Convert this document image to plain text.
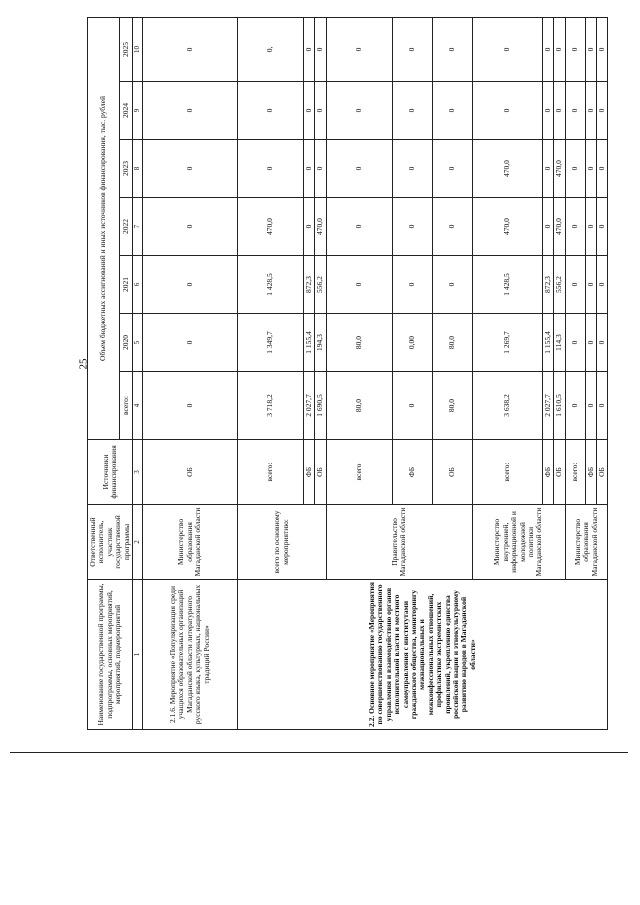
25
Наименование государственной программы, подпрограммы, основных мероприятий, мероприятий, подмероприятий	Ответственный исполнитель, участник государственной программы	Источники финансирования	Объем бюджетных ассигнований и иных источников финансирования, тыс. рублей						
			всего:	2020	2021	2022	2023	2024	2025
1	2	3	4	5	6	7	8	9	10
2.1.6. Мероприятие «Популяризация среди учащихся образовательных организаций Магаданской области литературного русского языка, культурных, национальных традиций России»	Министерство образования Магаданской области	ОБ	0	0	0	0	0	0	0
2.2. Основное мероприятие «Мероприятия по совершенствованию государственного управления и взаимодействию органов исполнительной власти и местного самоуправления с институтами гражданского общества, мониторингу межнациональных и межконфессиональных отношений, профилактике экстремистских проявлений, укреплению единства российской нации и этнокультурному развитию народов в Магаданской области»	всего по основному мероприятию:	всего:	3 718,2	1 349,7	1 428,5	470,0	0	0	0,
		ФБ	2 027,7	1 155,4	872,3	0	0	0	0
		ОБ	1 690,5	194,3	556,2	470,0	0	0	0
	Правительство Магаданской области	всего	80,0	80,0	0	0	0	0	0
		ФБ	0	0,00	0	0	0	0	0
		ОБ	80,0	80,0	0	0	0	0	0
	Министерство внутренней, информационной и молодежной политики Магаданской области	всего:	3 638,2	1 269,7	1 428,5	470,0	470,0	0	0
		ФБ	2 027,7	1 155,4	872,3	0	0	0	0
		ОБ	1 610,5	114,3	556,2	470,0	470,0	0	0
	Министерство образования Магаданской области	всего:	0	0	0	0	0	0	0
		ФБ	0	0	0	0	0	0	0
		ОБ	0	0	0	0	0	0	0
